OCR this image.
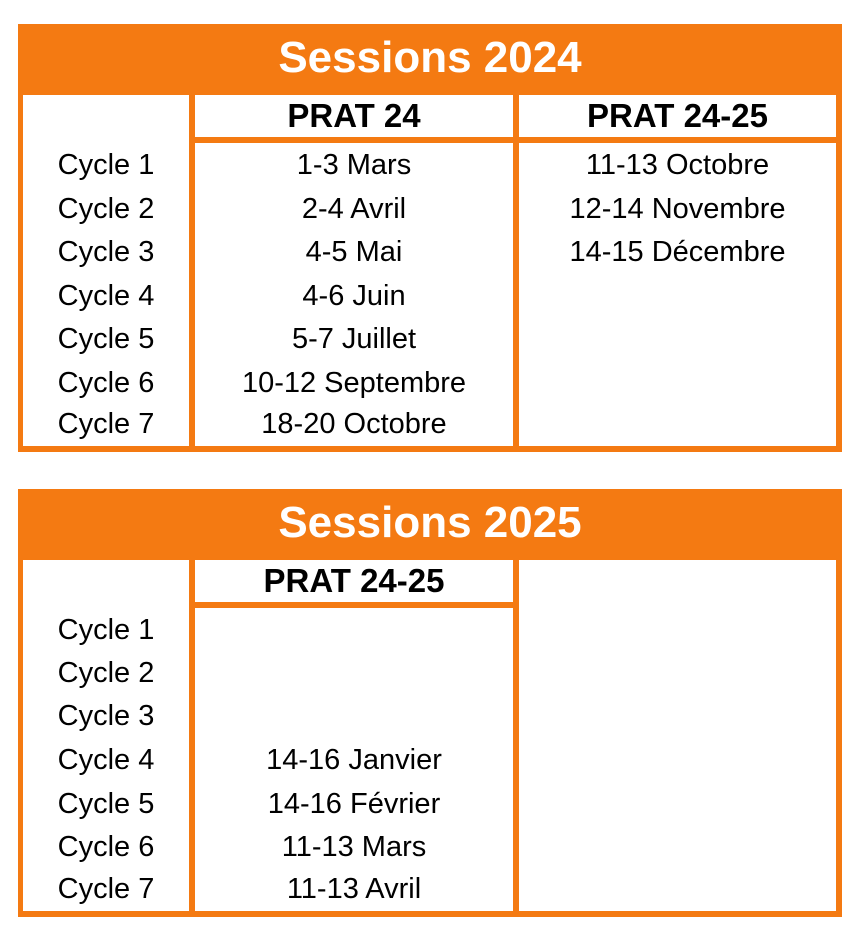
Sessions 2024
Cycle 1
Cycle 2
Cycle 3
Cycle 4
Cycle 5
Cycle 6
Cycle 7
PRAT 24
1-3 Mars
2-4 Avril
4-5 Mai
4-6 Juin
5-7 Juillet
10-12 Septembre
18-20 Octobre
PRAT 24-25
11-13 Octobre
12-14 Novembre
14-15 Décembre
Sessions 2025
Cycle 1
Cycle 2
Cycle 3
Cycle 4
Cycle 5
Cycle 6
Cycle 7
PRAT 24-25
14-16 Janvier
14-16 Février
11-13 Mars
11-13 Avril
